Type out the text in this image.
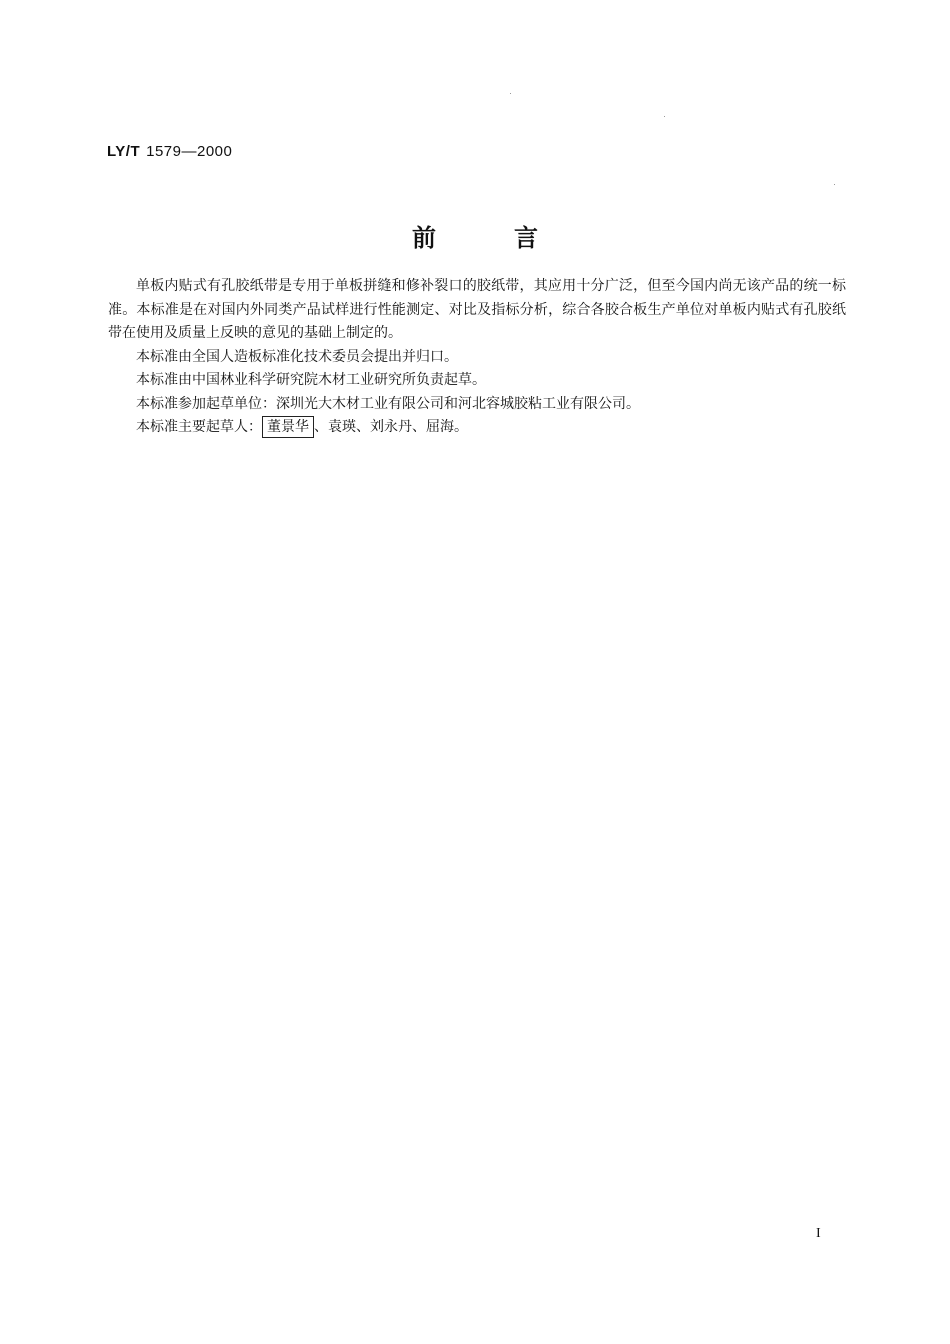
LY/T 1579—2000
前言

单板内贴式有孔胶纸带是专用于单板拼缝和修补裂口的胶纸带，其应用十分广泛，但至今国内尚无该产品的统一标准。本标准是在对国内外同类产品试样进行性能测定、对比及指标分析，综合各胶合板生产单位对单板内贴式有孔胶纸带在使用及质量上反映的意见的基础上制定的。

本标准由全国人造板标准化技术委员会提出并归口。

本标准由中国林业科学研究院木材工业研究所负责起草。

本标准参加起草单位：深圳光大木材工业有限公司和河北容城胶粘工业有限公司。

本标准主要起草人： 董景华 、袁瑛、刘永丹、屈海。

I
